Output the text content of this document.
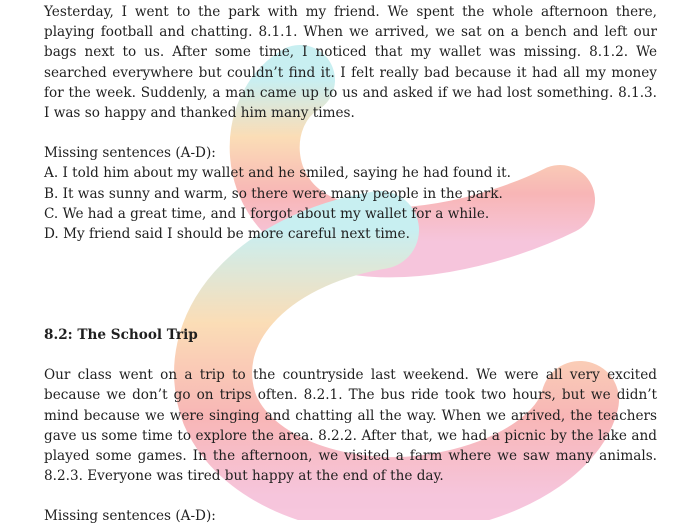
Yesterday, I went to the park with my friend. We spent the whole afternoon there, playing football and chatting. 8.1.1. When we arrived, we sat on a bench and left our bags next to us. After some time, I noticed that my wallet was missing. 8.1.2. We searched everywhere but couldn’t find it. I felt really bad because it had all my money for the week. Suddenly, a man came up to us and asked if we had lost something. 8.1.3. I was so happy and thanked him many times.

Missing sentences (A-D):

A . I told him about my wallet and he smiled, saying he had found it.
B . It was sunny and warm, so there were many people in the park.
C . We had a great time, and I forgot about my wallet for a while.
D . My friend said I should be more careful next time.

8.2: The School Trip

Our class went on a trip to the countryside last weekend. We were all very excited because we don’t go on trips often. 8.2.1. The bus ride took two hours, but we didn’t mind because we were singing and chatting all the way. When we arrived, the teachers gave us some time to explore the area. 8.2.2. After that, we had a picnic by the lake and played some games. In the afternoon, we visited a farm where we saw many animals. 8.2.3. Everyone was tired but happy at the end of the day.

Missing sentences (A-D):
